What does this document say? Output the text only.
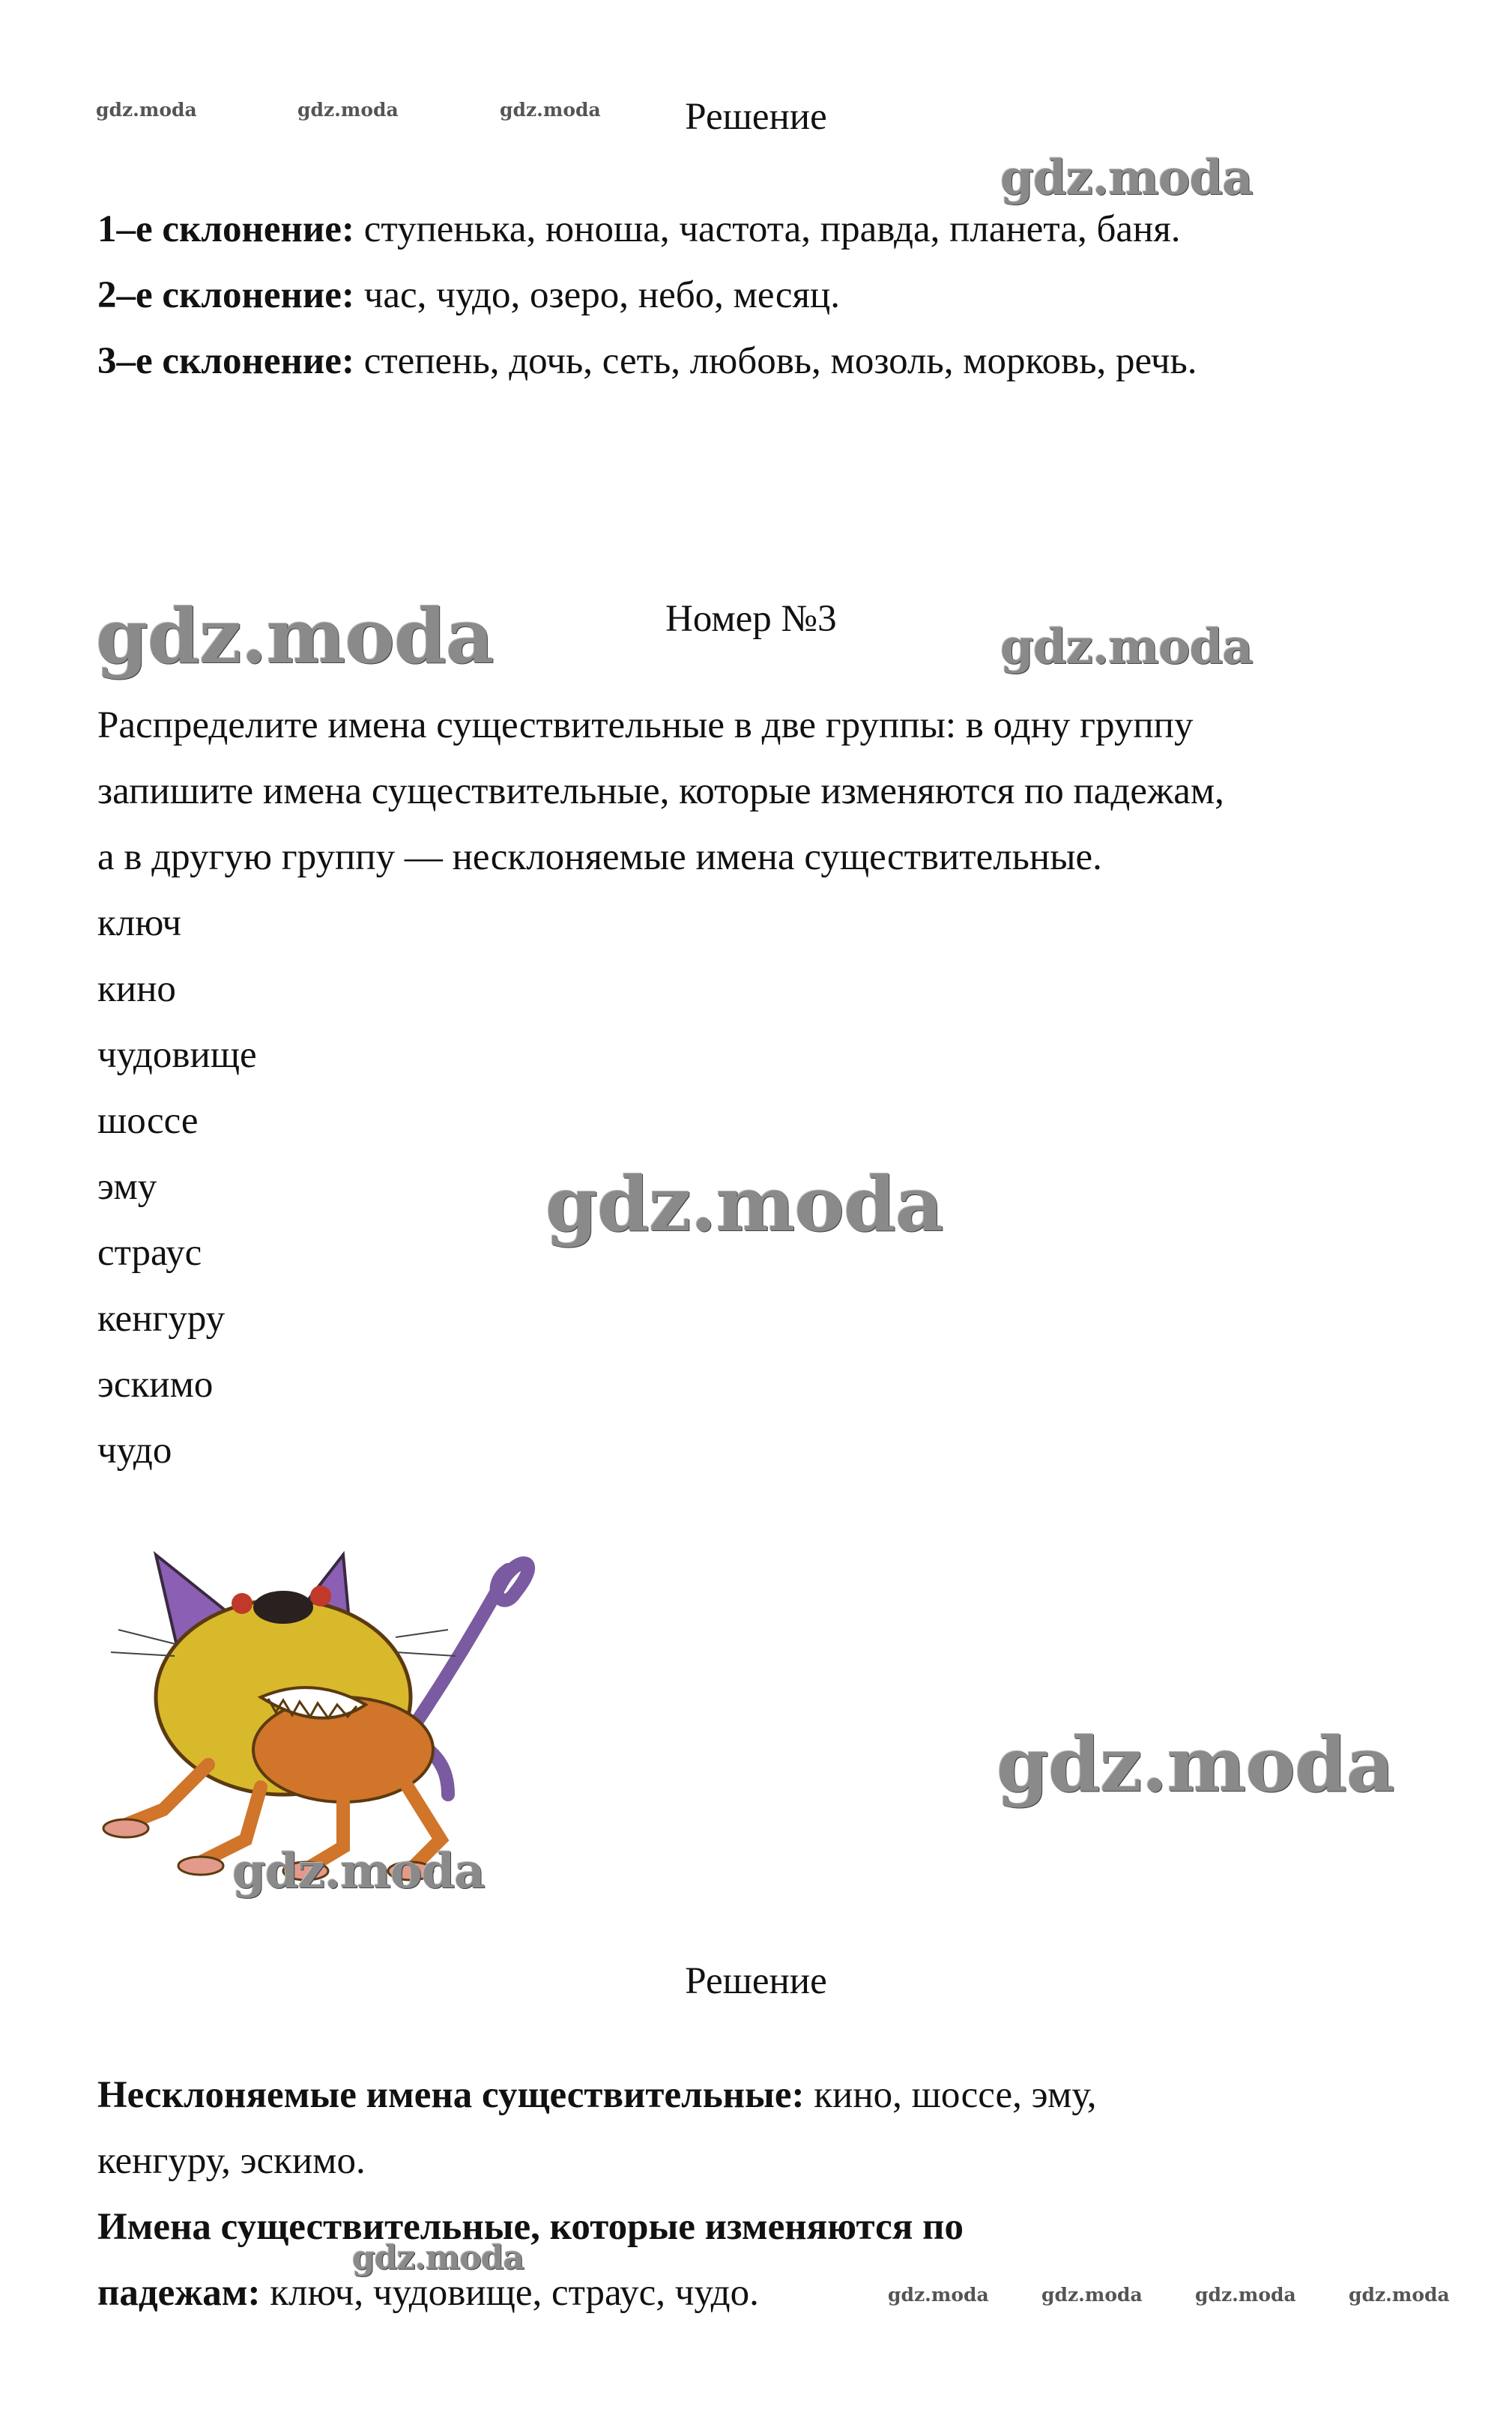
gdz.moda	gdz.moda	gdz.moda	Решение
gdz.moda
1–е склонение: ступенька, юноша, частота, правда, планета, баня.
2–е склонение: час, чудо, озеро, небо, месяц.
3–е склонение: степень, дочь, сеть, любовь, мозоль, морковь, речь.
gdz.moda	Номер №3	gdz.moda
Распределите имена существительные в две группы: в одну группу
запишите имена существительные, которые изменяются по падежам,
а в другую группу — несклоняемые имена существительные.
ключ
кино
чудовище
шоссе
эму
страус
кенгуру
эскимо
чудо
gdz.moda
gdz.moda
gdz.moda
Решение
Несклоняемые имена существительные: кино, шоссе, эму,
кенгуру, эскимо.
Имена существительные, которые изменяются по
падежам: ключ, чудовище, страус, чудо.
gdz.moda
gdz.moda	gdz.moda	gdz.moda	gdz.moda
